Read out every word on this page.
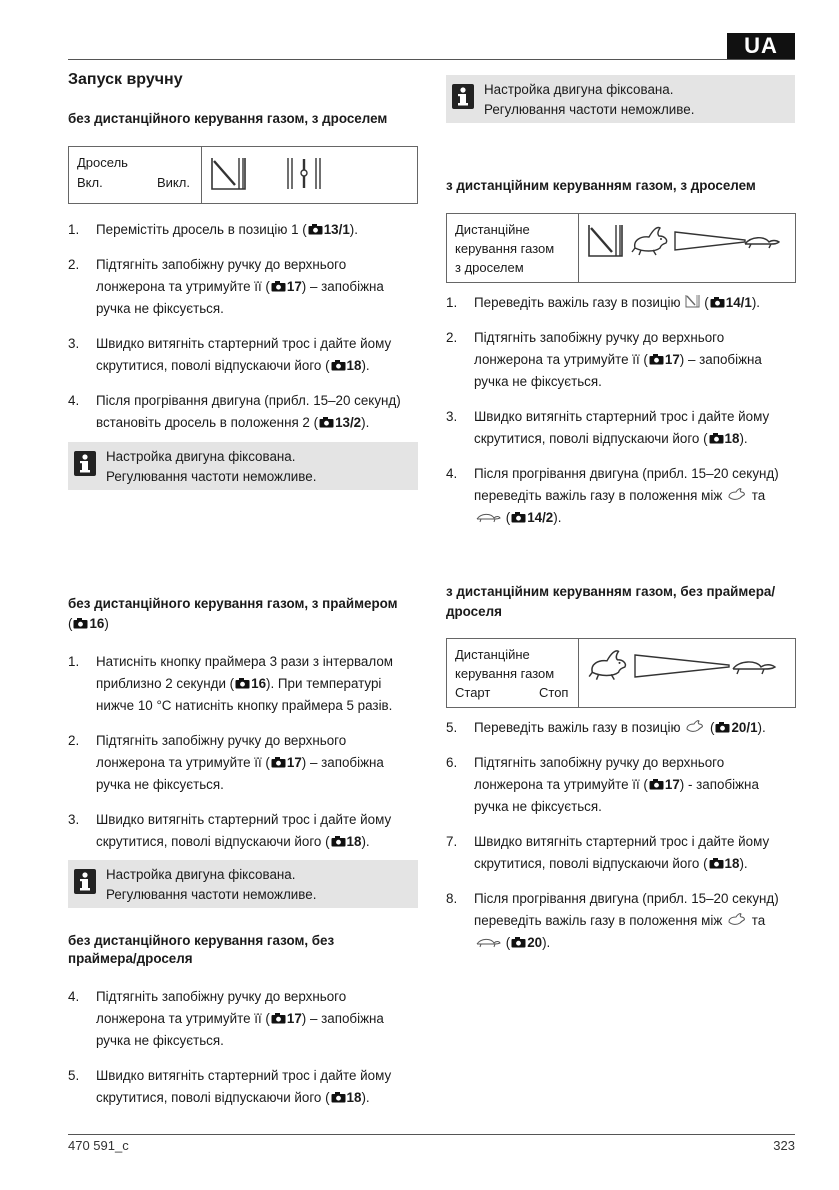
UA
Запуск вручну
без дистанційного керування газом, з дроселем
Дросель
Вкл.	Викл.
1. Перемістіть дросель в позицію 1 ( 13/1).
2. Підтягніть запобіжну ручку до верхнього лонжерона та утримуйте її ( 17) – запобіжна ручка не фіксується.
3. Швидко витягніть стартерний трос і дайте йому скрутитися, поволі відпускаючи його ( 18).
4. Після прогрівання двигуна (прибл. 15–20 секунд) встановіть дросель в положення 2 ( 13/2).
Настройка двигуна фіксована.
Регулювання частоти неможливе.
без дистанційного керування газом, з праймером
( 16)
1. Натисніть кнопку праймера 3 рази з інтервалом приблизно 2 секунди ( 16). При температурі нижче 10 °C натисніть кнопку праймера 5 разів.
2. Підтягніть запобіжну ручку до верхнього лонжерона та утримуйте її ( 17) – запобіжна ручка не фіксується.
3. Швидко витягніть стартерний трос і дайте йому скрутитися, поволі відпускаючи його ( 18).
Настройка двигуна фіксована.
Регулювання частоти неможливе.
без дистанційного керування газом, без
праймера/дроселя
4. Підтягніть запобіжну ручку до верхнього лонжерона та утримуйте її ( 17) – запобіжна ручка не фіксується.
5. Швидко витягніть стартерний трос і дайте йому скрутитися, поволі відпускаючи його ( 18).
Настройка двигуна фіксована.
Регулювання частоти неможливе.
з дистанційним керуванням газом, з дроселем
Дистанційне
керування газом
з дроселем
1. Переведіть важіль газу в позицію ( 14/1).
2. Підтягніть запобіжну ручку до верхнього лонжерона та утримуйте її ( 17) – запобіжна ручка не фіксується.
3. Швидко витягніть стартерний трос і дайте йому скрутитися, поволі відпускаючи його ( 18).
4. Після прогрівання двигуна (прибл. 15–20 секунд) переведіть важіль газу в положення між та  ( 14/2).
з дистанційним керуванням газом, без праймера/
дроселя
Дистанційне
керування газом
Старт	Стоп
5. Переведіть важіль газу в позицію  ( 20/1).
6. Підтягніть запобіжну ручку до верхнього лонжерона та утримуйте її ( 17) - запобіжна ручка не фіксується.
7. Швидко витягніть стартерний трос і дайте йому скрутитися, поволі відпускаючи його ( 18).
8. Після прогрівання двигуна (прибл. 15–20 секунд) переведіть важіль газу в положення між та  ( 20).
470 591_c	323
